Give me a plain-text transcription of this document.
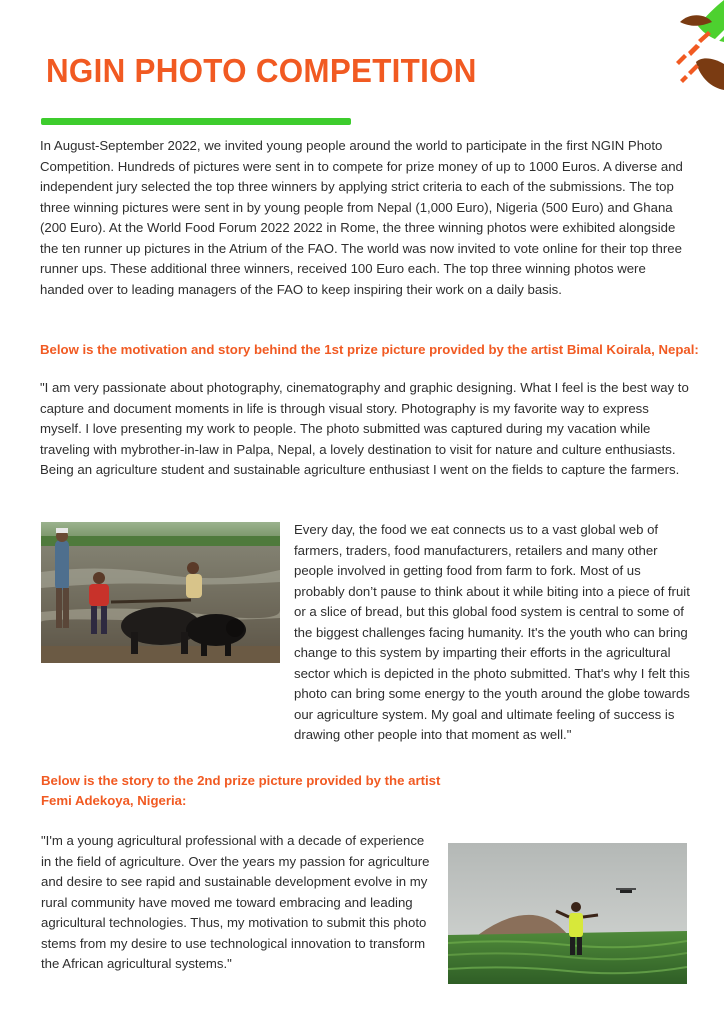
NGIN PHOTO COMPETITION

In August-September 2022, we invited young people around the world to participate in the first NGIN Photo Competition. Hundreds of pictures were sent in to compete for prize money of up to 1000 Euros. A diverse and independent jury selected the top three winners by applying strict criteria to each of the submissions. The top three winning pictures were sent in by young people from Nepal (1,000 Euro), Nigeria (500 Euro) and Ghana (200 Euro). At the World Food Forum 2022 2022 in Rome, the three winning photos were exhibited alongside the ten runner up pictures in the Atrium of the FAO. The world was now invited to vote online for their top three runner ups. These additional three winners, received 100 Euro each. The top three winning photos were handed over to leading managers of the FAO to keep inspiring their work on a daily basis.

Below is the motivation and story behind the 1st prize picture provided by the artist Bimal Koirala, Nepal:

"I am very passionate about photography, cinematography and graphic designing. What I feel is the best way to capture and document moments in life is through visual story. Photography is my favorite way to express myself. I love presenting my work to people. The photo submitted was captured during my vacation while traveling with mybrother-in-law in Palpa, Nepal, a lovely destination to visit for nature and culture enthusiasts. Being an agriculture student and sustainable agriculture enthusiast I went on the fields to capture the farmers.

Every day, the food we eat connects us to a vast global web of farmers, traders, food manufacturers, retailers and many other people involved in getting food from farm to fork. Most of us probably don’t pause to think about it while biting into a piece of fruit or a slice of bread, but this global food system is central to some of the biggest challenges facing humanity. It's the youth who can bring change to this system by imparting their efforts in the agricultural sector which is depicted in the photo submitted. That's why I felt this photo can bring some energy to the youth around the globe towards our agriculture system. My goal and ultimate feeling of success is drawing other people into that moment as well."

Below is the story to the 2nd prize picture provided by the artist
Femi Adekoya, Nigeria:

"I'm a young agricultural professional with a decade of experience in the field of agriculture. Over the years my passion for agriculture and desire to see rapid and sustainable development evolve in my rural community have moved me toward embracing and leading agricultural technologies. Thus, my motivation to submit this photo stems from my desire to use technological innovation to transform the African agricultural systems."
